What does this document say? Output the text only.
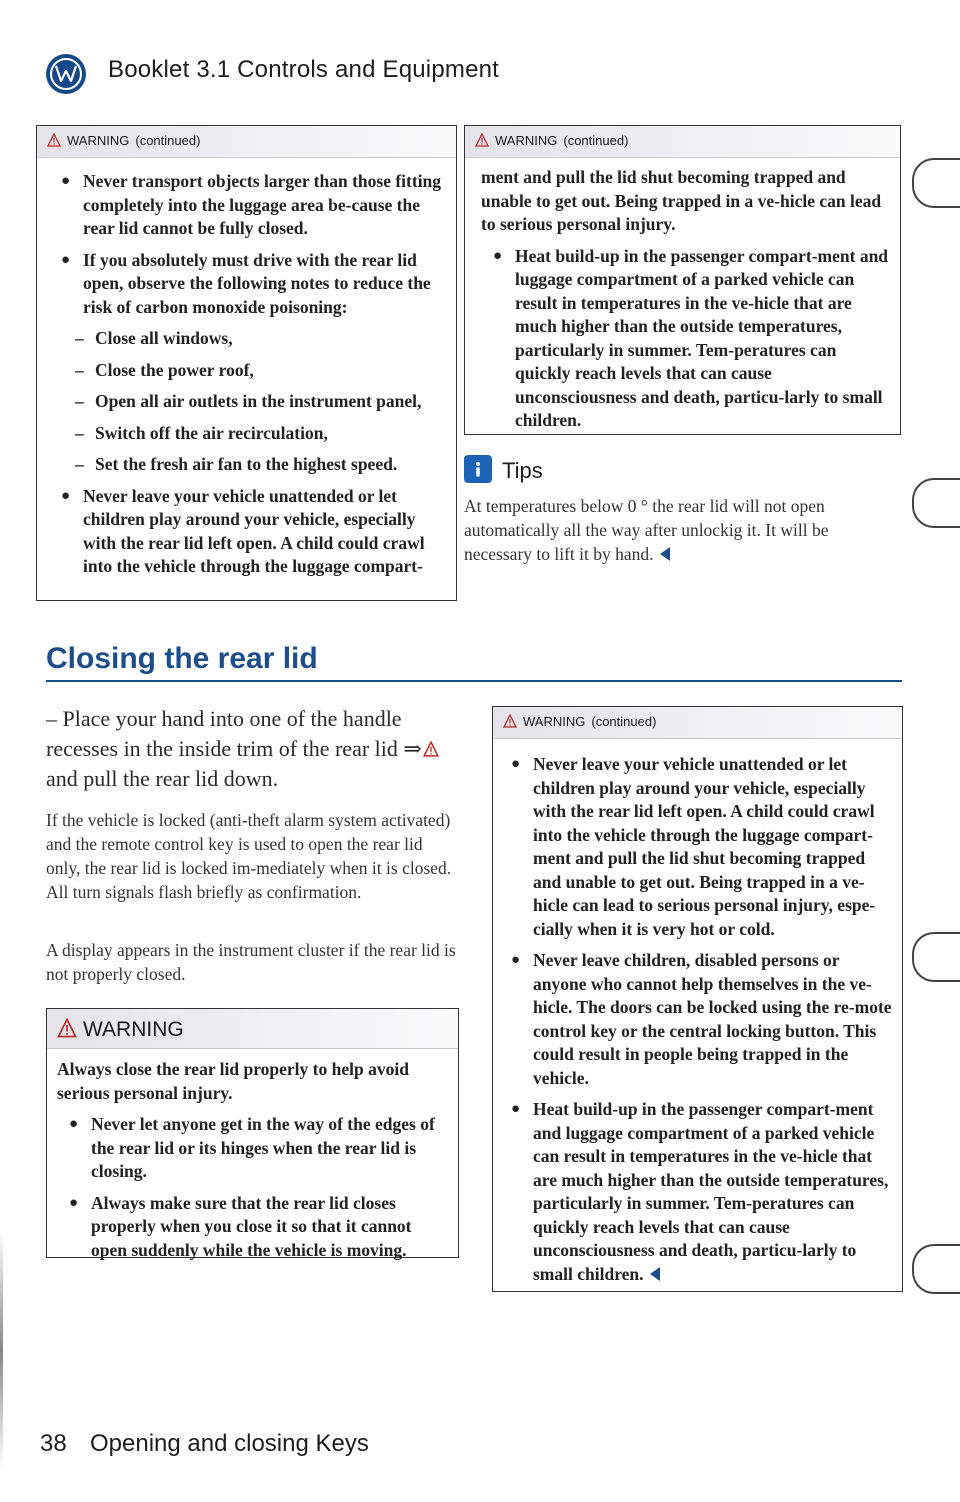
Booklet 3.1 Controls and Equipment
WARNING (continued)

● Never transport objects larger than those fitting completely into the luggage area be-cause the rear lid cannot be fully closed.

● If you absolutely must drive with the rear lid open, observe the following notes to reduce the risk of carbon monoxide poisoning:

– Close all windows,

– Close the power roof,

– Open all air outlets in the instrument panel,

– Switch off the air recirculation,

– Set the fresh air fan to the highest speed.

● Never leave your vehicle unattended or let children play around your vehicle, especially with the rear lid left open. A child could crawl into the vehicle through the luggage compart-

WARNING (continued)

ment and pull the lid shut becoming trapped and unable to get out. Being trapped in a ve-hicle can lead to serious personal injury.

● Heat build-up in the passenger compart-ment and luggage compartment of a parked vehicle can result in temperatures in the ve-hicle that are much higher than the outside temperatures, particularly in summer. Tem-peratures can quickly reach levels that can cause unconsciousness and death, particu-larly to small children.

Tips
At temperatures below 0 ° the rear lid will not open automatically all the way after unlockig it. It will be necessary to lift it by hand.
Closing the rear lid
– Place your hand into one of the handle recesses in the inside trim of the rear lid ⇒ and pull the rear lid down.
If the vehicle is locked (anti-theft alarm system activated) and the remote control key is used to open the rear lid only, the rear lid is locked im-mediately when it is closed. All turn signals flash briefly as confirmation.
A display appears in the instrument cluster if the rear lid is not properly closed.
WARNING

Always close the rear lid properly to help avoid serious personal injury.

● Never let anyone get in the way of the edges of the rear lid or its hinges when the rear lid is closing.

● Always make sure that the rear lid closes properly when you close it so that it cannot open suddenly while the vehicle is moving.

WARNING (continued)

● Never leave your vehicle unattended or let children play around your vehicle, especially with the rear lid left open. A child could crawl into the vehicle through the luggage compart-ment and pull the lid shut becoming trapped and unable to get out. Being trapped in a ve-hicle can lead to serious personal injury, espe-cially when it is very hot or cold.

● Never leave children, disabled persons or anyone who cannot help themselves in the ve-hicle. The doors can be locked using the re-mote control key or the central locking button. This could result in people being trapped in the vehicle.

● Heat build-up in the passenger compart-ment and luggage compartment of a parked vehicle can result in temperatures in the ve-hicle that are much higher than the outside temperatures, particularly in summer. Tem-peratures can quickly reach levels that can cause unconsciousness and death, particu-larly to small children.

38 Opening and closing Keys
